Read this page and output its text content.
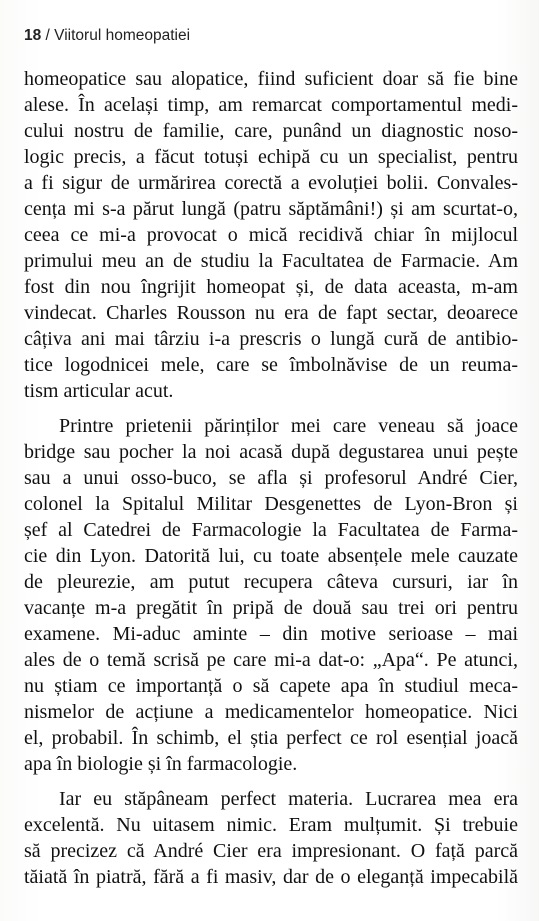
18 / Viitorul homeopatiei
homeopatice sau alopatice, fiind suficient doar să fie bine
alese. În același timp, am remarcat comportamentul medi-
cului nostru de familie, care, punând un diagnostic noso-
logic precis, a făcut totuși echipă cu un specialist, pentru
a fi sigur de urmărirea corectă a evoluției bolii. Convales-
cența mi s-a părut lungă (patru săptămâni!) și am scurtat-o,
ceea ce mi-a provocat o mică recidivă chiar în mijlocul
primului meu an de studiu la Facultatea de Farmacie. Am
fost din nou îngrijit homeopat și, de data aceasta, m-am
vindecat. Charles Rousson nu era de fapt sectar, deoarece
câțiva ani mai târziu i-a prescris o lungă cură de antibio-
tice logodnicei mele, care se îmbolnăvise de un reuma-
tism articular acut.
Printre prietenii părinților mei care veneau să joace
bridge sau pocher la noi acasă după degustarea unui pește
sau a unui osso-buco, se afla și profesorul André Cier,
colonel la Spitalul Militar Desgenettes de Lyon-Bron și
șef al Catedrei de Farmacologie la Facultatea de Farma-
cie din Lyon. Datorită lui, cu toate absențele mele cauzate
de pleurezie, am putut recupera câteva cursuri, iar în
vacanțe m-a pregătit în pripă de două sau trei ori pentru
examene. Mi-aduc aminte – din motive serioase – mai
ales de o temă scrisă pe care mi-a dat-o: „Apa“. Pe atunci,
nu știam ce importanță o să capete apa în studiul meca-
nismelor de acțiune a medicamentelor homeopatice. Nici
el, probabil. În schimb, el știa perfect ce rol esențial joacă
apa în biologie și în farmacologie.
Iar eu stăpâneam perfect materia. Lucrarea mea era
excelentă. Nu uitasem nimic. Eram mulțumit. Și trebuie
să precizez că André Cier era impresionant. O față parcă
tăiată în piatră, fără a fi masiv, dar de o eleganță impecabilă
